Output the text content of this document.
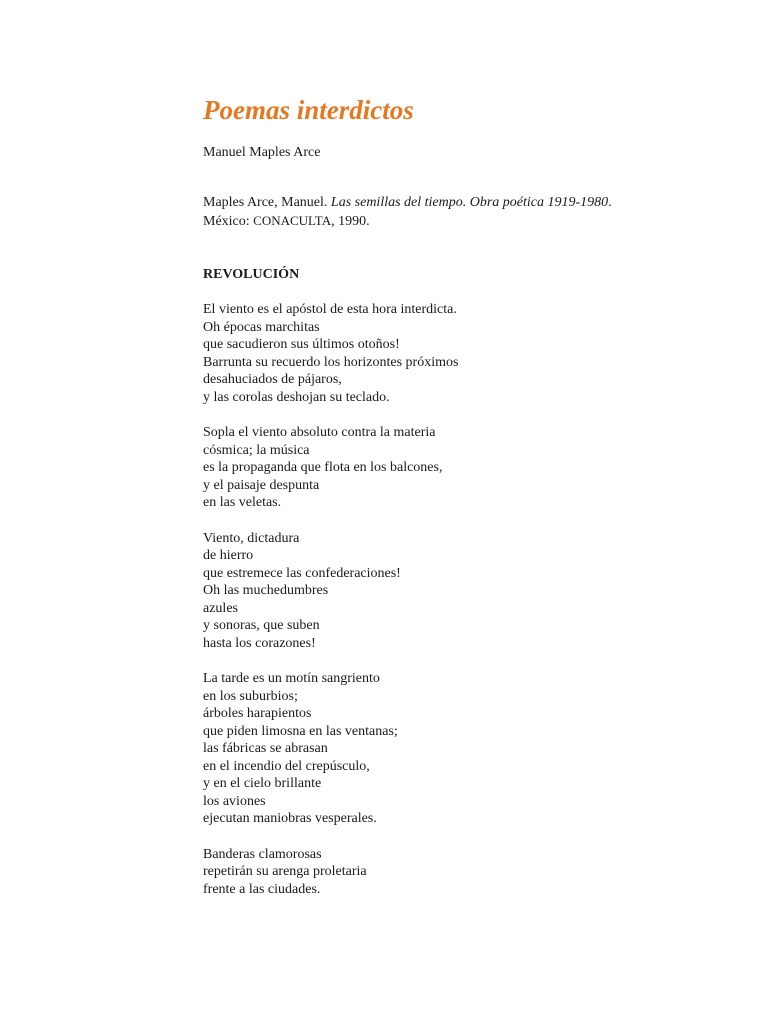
Poemas interdictos
Manuel Maples Arce
Maples Arce, Manuel. Las semillas del tiempo. Obra poética 1919-1980.
México: CONACULTA, 1990.
REVOLUCIÓN
El viento es el apóstol de esta hora interdicta.
Oh épocas marchitas
que sacudieron sus últimos otoños!
Barrunta su recuerdo los horizontes próximos
desahuciados de pájaros,
y las corolas deshojan su teclado.
Sopla el viento absoluto contra la materia
cósmica; la música
es la propaganda que flota en los balcones,
y el paisaje despunta
en las veletas.
Viento, dictadura
de hierro
que estremece las confederaciones!
Oh las muchedumbres
azules
y sonoras, que suben
hasta los corazones!
La tarde es un motín sangriento
en los suburbios;
árboles harapientos
que piden limosna en las ventanas;
las fábricas se abrasan
en el incendio del crepúsculo,
y en el cielo brillante
los aviones
ejecutan maniobras vesperales.
Banderas clamorosas
repetirán su arenga proletaria
frente a las ciudades.
